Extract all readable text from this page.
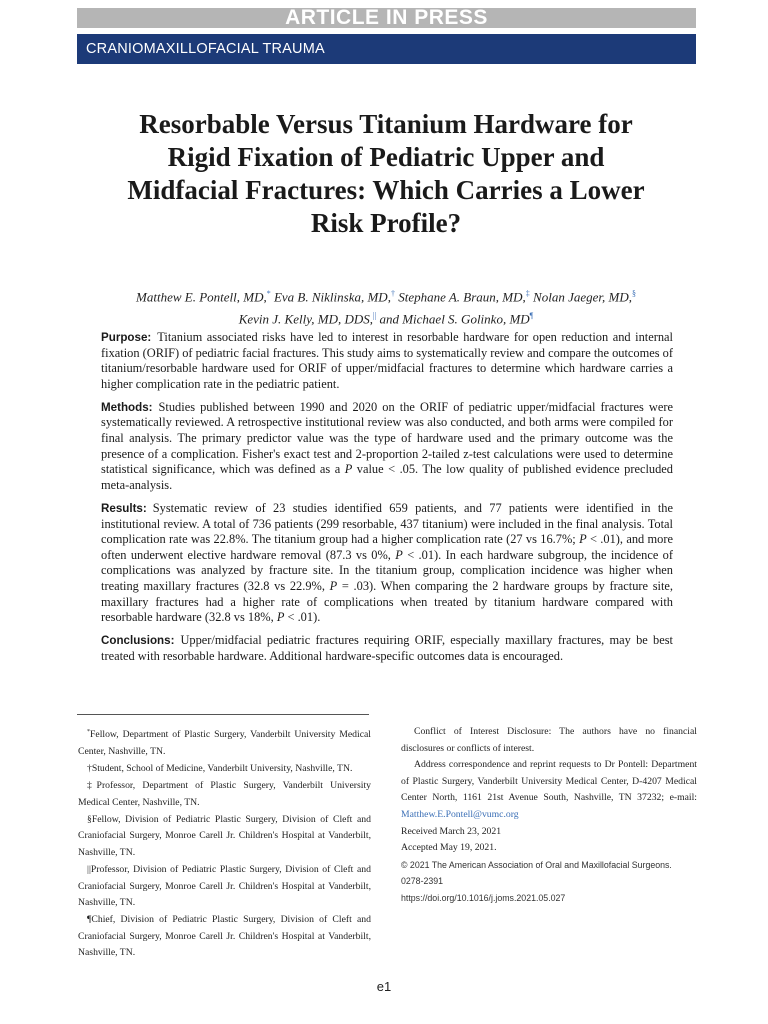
ARTICLE IN PRESS
CRANIOMAXILLOFACIAL TRAUMA
Resorbable Versus Titanium Hardware for Rigid Fixation of Pediatric Upper and Midfacial Fractures: Which Carries a Lower Risk Profile?
Matthew E. Pontell, MD,* Eva B. Niklinska, MD,† Stephane A. Braun, MD,‡ Nolan Jaeger, MD,§
Kevin J. Kelly, MD, DDS,|| and Michael S. Golinko, MD¶

Purpose: Titanium associated risks have led to interest in resorbable hardware for open reduction and internal fixation (ORIF) of pediatric facial fractures. This study aims to systematically review and compare the outcomes of titanium/resorbable hardware used for ORIF of upper/midfacial fractures to determine which hardware carries a higher complication rate in the pediatric patient.

Methods: Studies published between 1990 and 2020 on the ORIF of pediatric upper/midfacial fractures were systematically reviewed. A retrospective institutional review was also conducted, and both arms were compiled for final analysis. The primary predictor value was the type of hardware used and the primary outcome was the presence of a complication. Fisher's exact test and 2-proportion 2-tailed z-test calculations were used to determine statistical significance, which was defined as a P value < .05. The low quality of published evidence precluded meta-analysis.

Results: Systematic review of 23 studies identified 659 patients, and 77 patients were identified in the institutional review. A total of 736 patients (299 resorbable, 437 titanium) were included in the final analysis. Total complication rate was 22.8%. The titanium group had a higher complication rate (27 vs 16.7%; P < .01), and more often underwent elective hardware removal (87.3 vs 0%, P < .01). In each hardware subgroup, the incidence of complications was analyzed by fracture site. In the titanium group, complication incidence was higher when treating maxillary fractures (32.8 vs 22.9%, P = .03). When comparing the 2 hardware groups by fracture site, maxillary fractures had a higher rate of complications when treated by titanium hardware compared with resorbable hardware (32.8 vs 18%, P < .01).

Conclusions: Upper/midfacial pediatric fractures requiring ORIF, especially maxillary fractures, may be best treated with resorbable hardware. Additional hardware-specific outcomes data is encouraged.

*Fellow, Department of Plastic Surgery, Vanderbilt University Medical Center, Nashville, TN.

†Student, School of Medicine, Vanderbilt University, Nashville, TN.

‡Professor, Department of Plastic Surgery, Vanderbilt University Medical Center, Nashville, TN.

§Fellow, Division of Pediatric Plastic Surgery, Division of Cleft and Craniofacial Surgery, Monroe Carell Jr. Children's Hospital at Vanderbilt, Nashville, TN.

||Professor, Division of Pediatric Plastic Surgery, Division of Cleft and Craniofacial Surgery, Monroe Carell Jr. Children's Hospital at Vanderbilt, Nashville, TN.

¶Chief, Division of Pediatric Plastic Surgery, Division of Cleft and Craniofacial Surgery, Monroe Carell Jr. Children's Hospital at Vanderbilt, Nashville, TN.

Conflict of Interest Disclosure: The authors have no financial disclosures or conflicts of interest.

Address correspondence and reprint requests to Dr Pontell: Department of Plastic Surgery, Vanderbilt University Medical Center, D-4207 Medical Center North, 1161 21st Avenue South, Nashville, TN 37232; e-mail: Matthew.E.Pontell@vumc.org

Received March 23, 2021

Accepted May 19, 2021.

© 2021 The American Association of Oral and Maxillofacial Surgeons.

0278-2391

https://doi.org/10.1016/j.joms.2021.05.027

e1
